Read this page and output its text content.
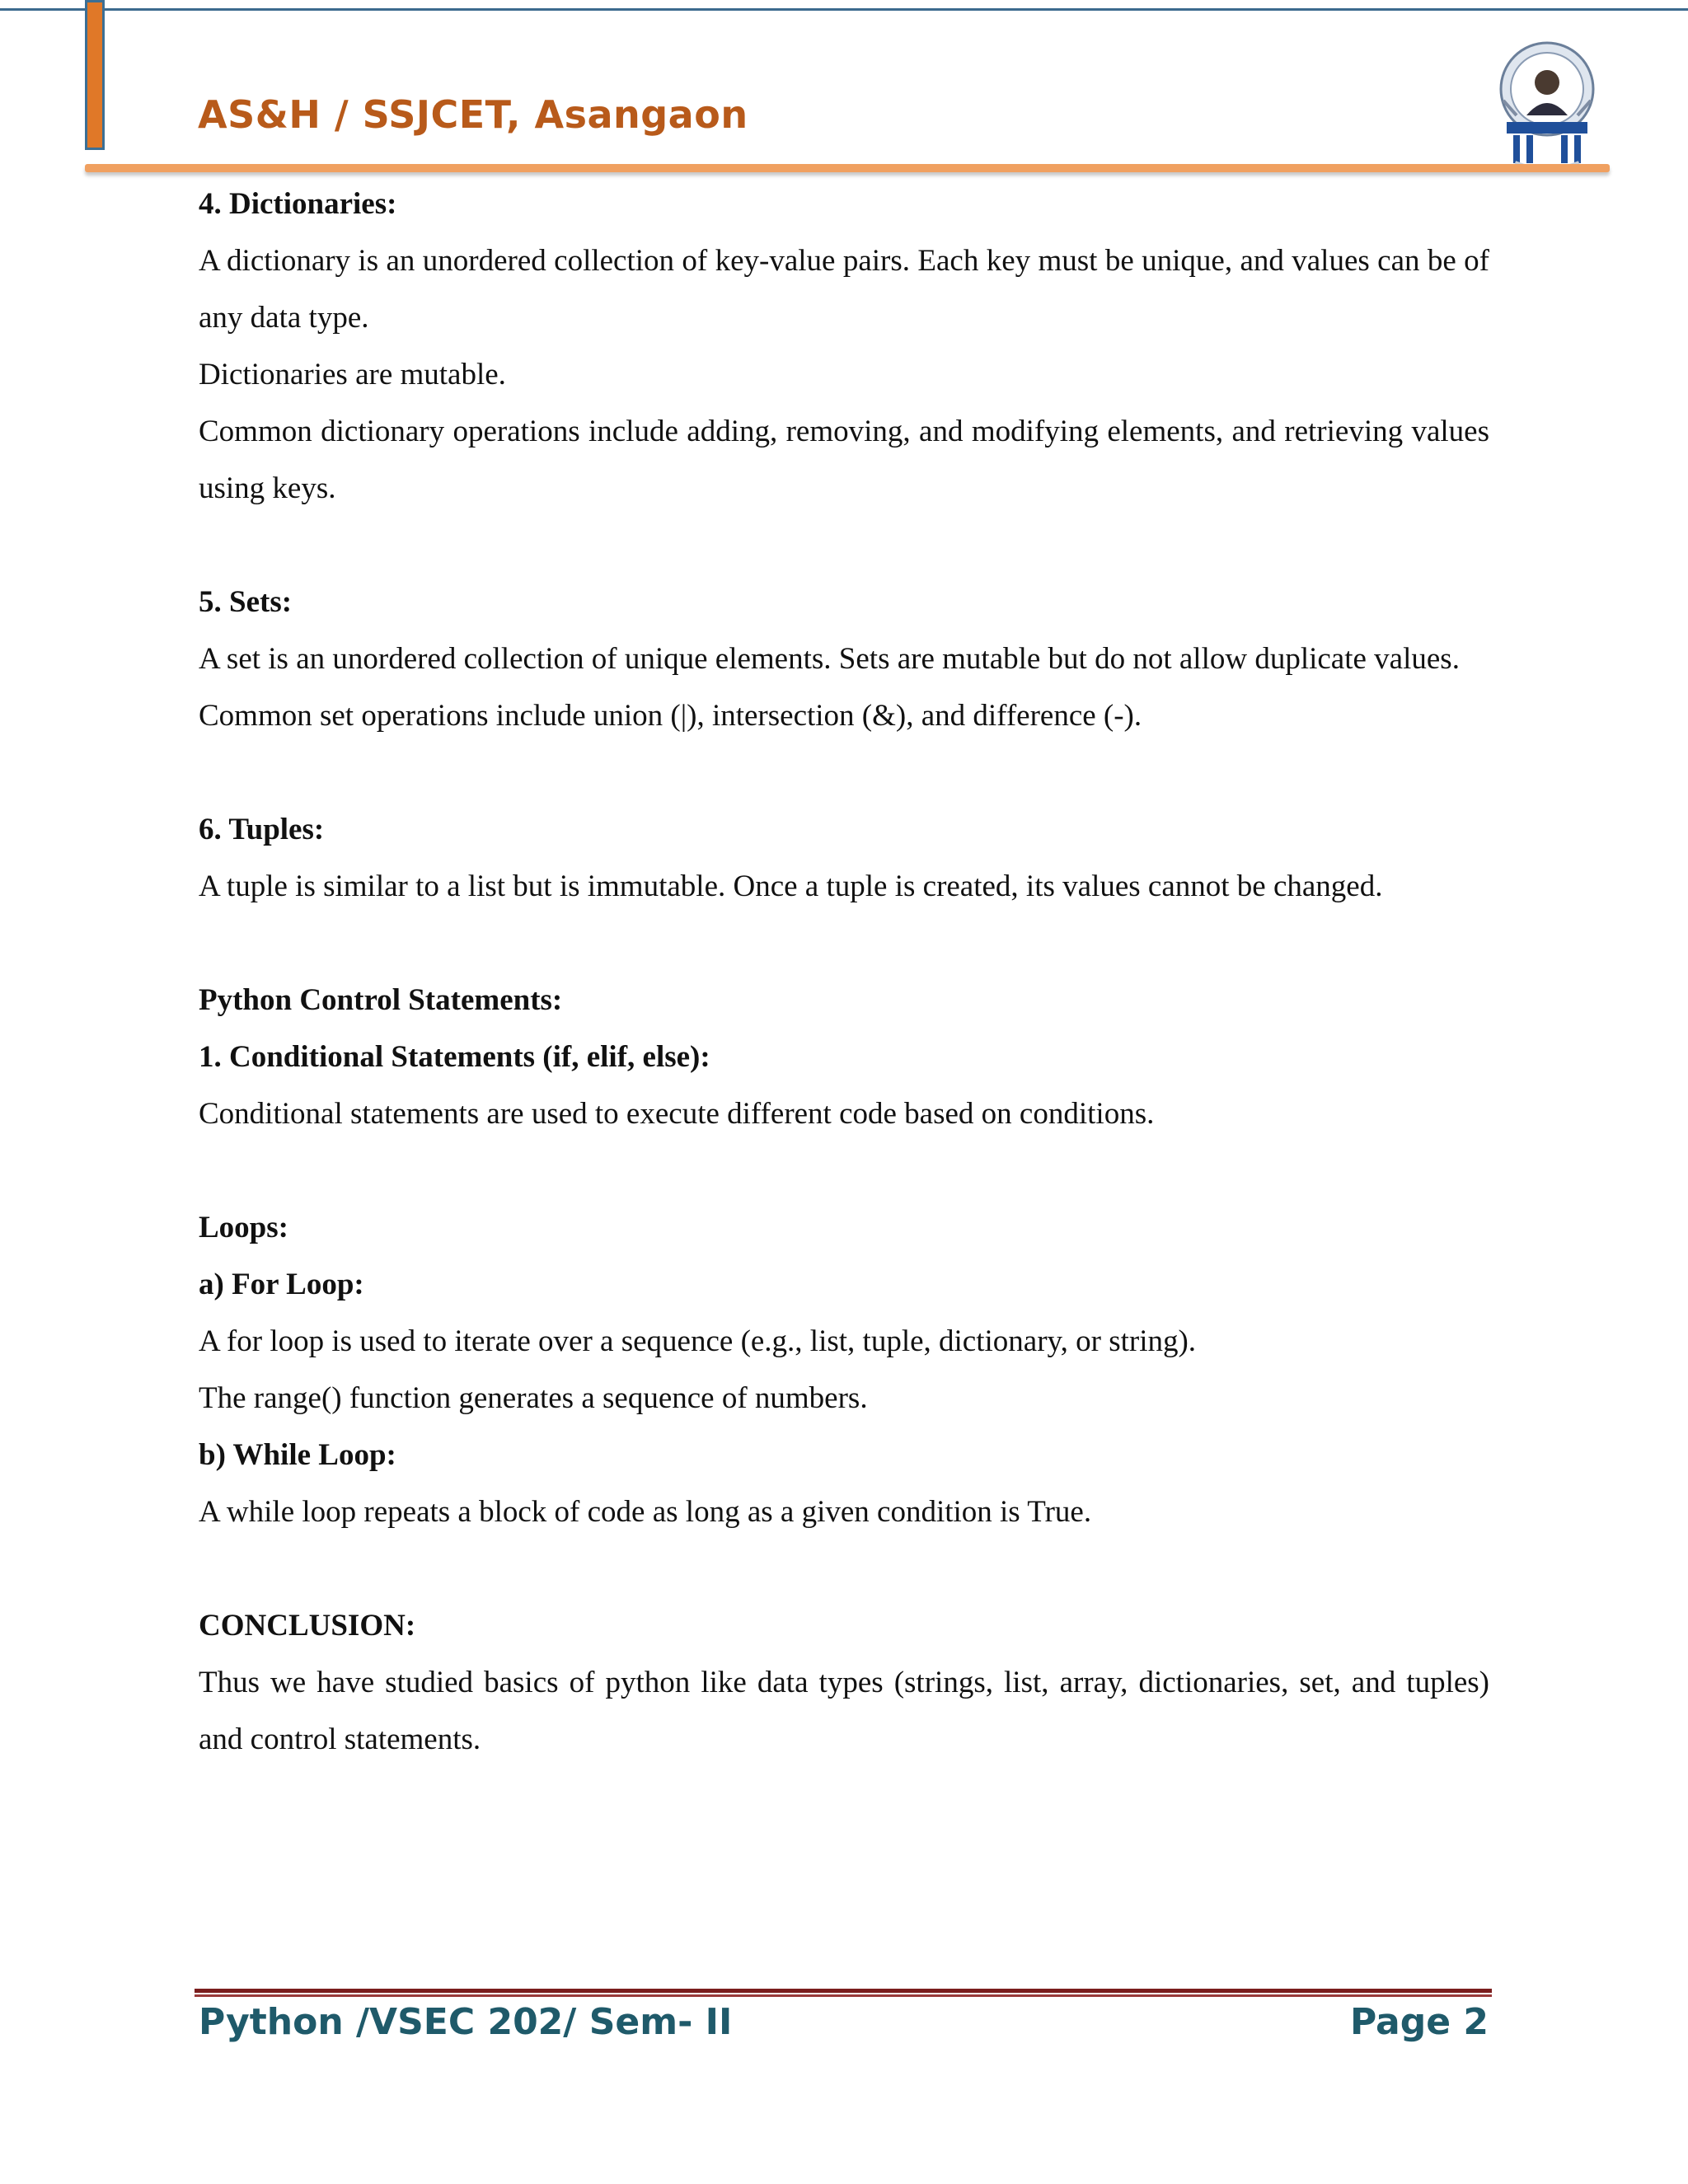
AS&H / SSJCET, Asangaon

4. Dictionaries:

A dictionary is an unordered collection of key-value pairs. Each key must be unique, and values can be of any data type.

Dictionaries are mutable.

Common dictionary operations include adding, removing, and modifying elements, and retrieving values using keys.

5. Sets:

A set is an unordered collection of unique elements. Sets are mutable but do not allow duplicate values.

Common set operations include union (|), intersection (&), and difference (-).

6. Tuples:

A tuple is similar to a list but is immutable. Once a tuple is created, its values cannot be changed.

Python Control Statements:

1. Conditional Statements (if, elif, else):

Conditional statements are used to execute different code based on conditions.

Loops:

a) For Loop:

A for loop is used to iterate over a sequence (e.g., list, tuple, dictionary, or string).

The range() function generates a sequence of numbers.

b) While Loop:

A while loop repeats a block of code as long as a given condition is True.

CONCLUSION:

Thus we have studied basics of python like data types (strings, list, array, dictionaries, set, and tuples) and control statements.

Python /VSEC 202/ Sem- II	Page 2
